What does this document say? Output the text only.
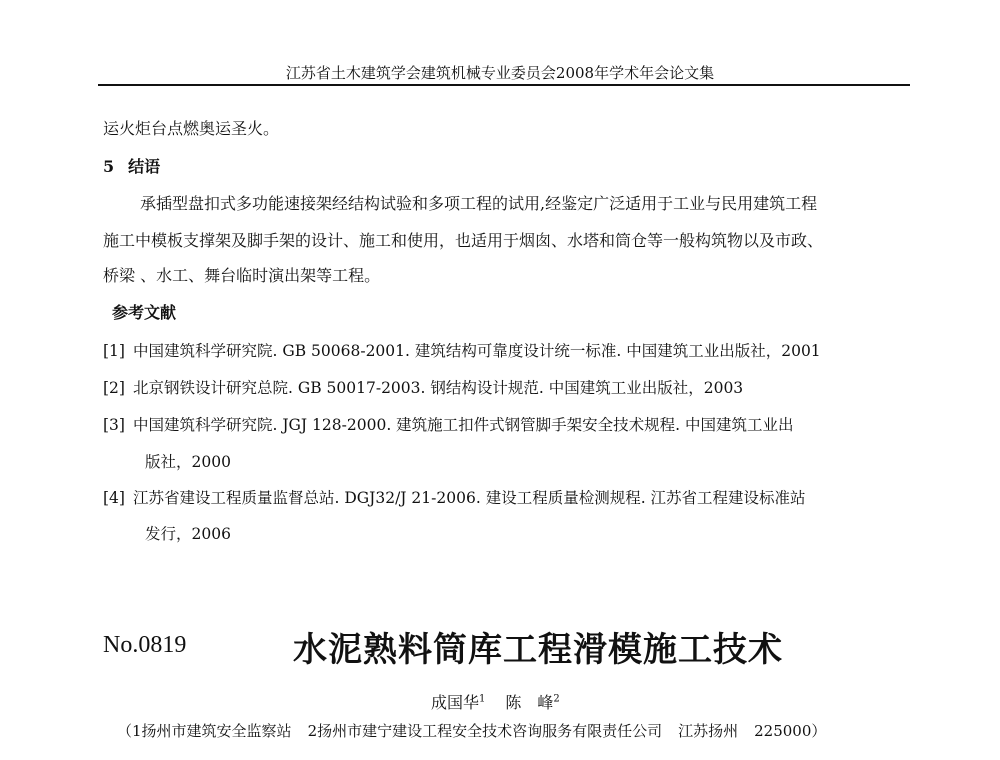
江苏省土木建筑学会建筑机械专业委员会2008年学术年会论文集
运火炬台点燃奥运圣火。
5 结语
承插型盘扣式多功能速接架经结构试验和多项工程的试用,经鉴定广泛适用于工业与民用建筑工程
施工中模板支撑架及脚手架的设计、施工和使用，也适用于烟囱、水塔和筒仓等一般构筑物以及市政、
桥梁 、水工、舞台临时演出架等工程。
参考文献
[1] 中国建筑科学研究院. GB 50068-2001. 建筑结构可靠度设计统一标准. 中国建筑工业出版社，2001
[2] 北京钢铁设计研究总院. GB 50017-2003. 钢结构设计规范. 中国建筑工业出版社，2003
[3] 中国建筑科学研究院. JGJ 128-2000. 建筑施工扣件式钢管脚手架安全技术规程. 中国建筑工业出
版社，2000
[4] 江苏省建设工程质量监督总站. DGJ32/J 21-2006. 建设工程质量检测规程. 江苏省工程建设标准站
发行，2006
No.0819	水泥熟料筒库工程滑模施工技术
成国华$^1$ 陈　峰$^2$
（1扬州市建筑安全监察站 2扬州市建宁建设工程安全技术咨询服务有限责任公司 江苏扬州 225000）
